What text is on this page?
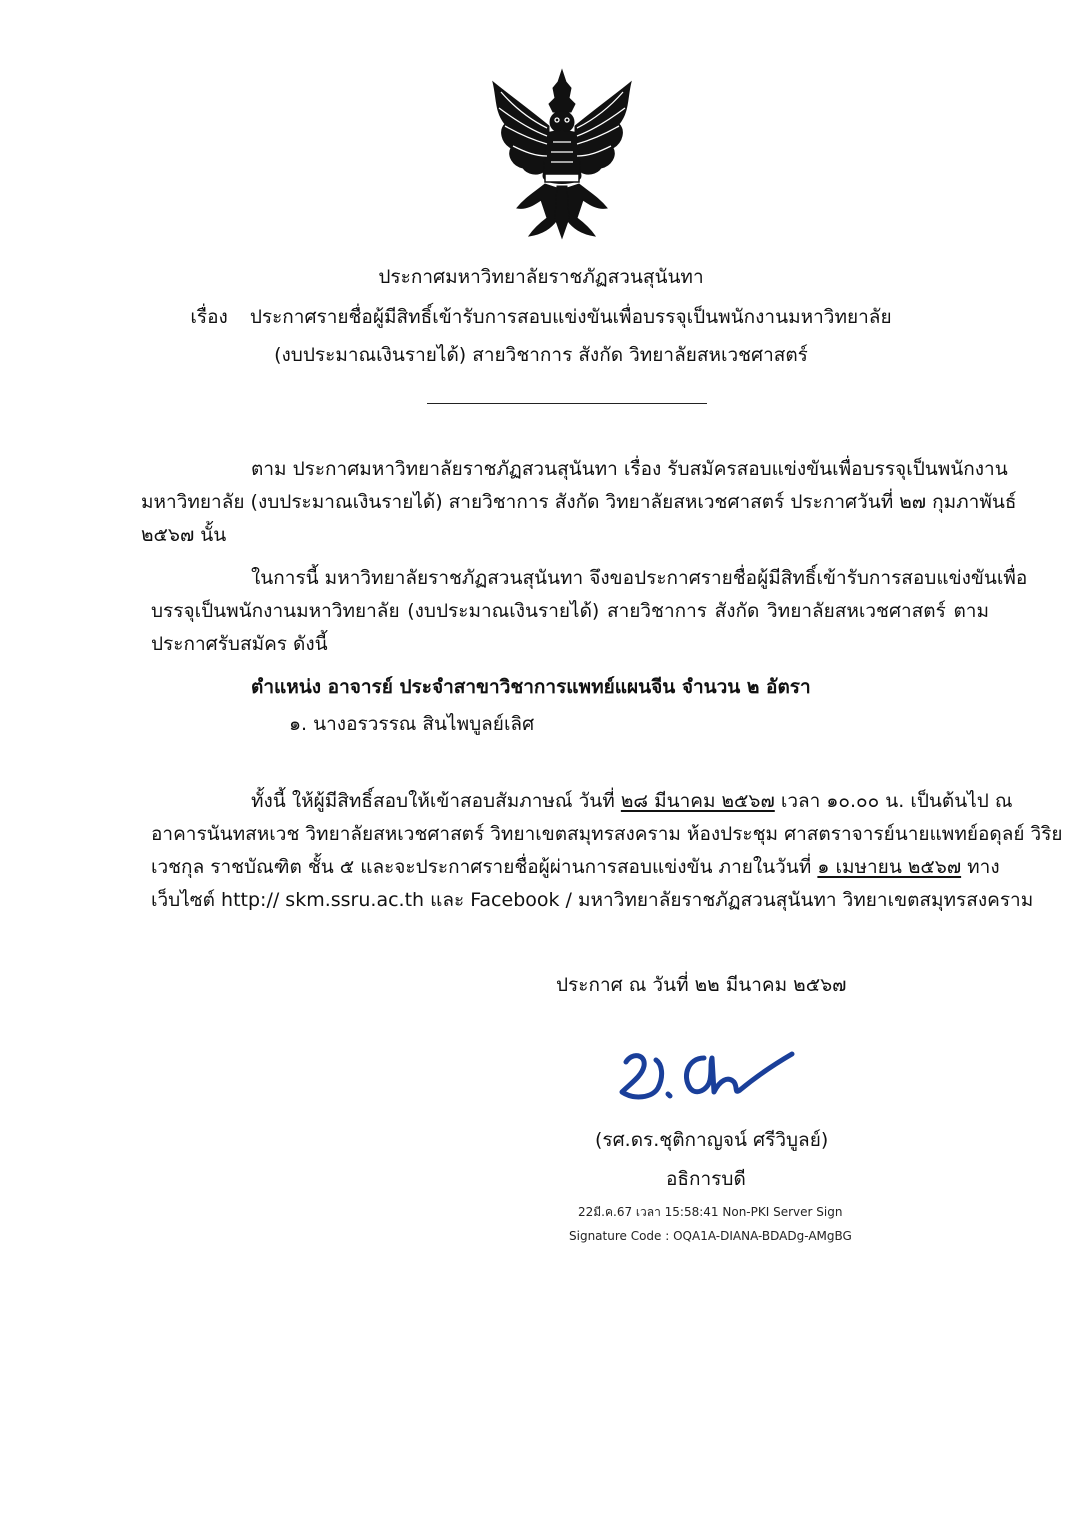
ประกาศมหาวิทยาลัยราชภัฏสวนสุนันทา
เรื่อง ประกาศรายชื่อผู้มีสิทธิ์เข้ารับการสอบแข่งขันเพื่อบรรจุเป็นพนักงานมหาวิทยาลัย
(งบประมาณเงินรายได้) สายวิชาการ สังกัด วิทยาลัยสหเวชศาสตร์
ตาม ประกาศมหาวิทยาลัยราชภัฏสวนสุนันทา เรื่อง รับสมัครสอบแข่งขันเพื่อบรรจุเป็นพนักงาน
มหาวิทยาลัย (งบประมาณเงินรายได้) สายวิชาการ สังกัด วิทยาลัยสหเวชศาสตร์ ประกาศวันที่ ๒๗ กุมภาพันธ์
๒๕๖๗ นั้น
ในการนี้ มหาวิทยาลัยราชภัฏสวนสุนันทา จึงขอประกาศรายชื่อผู้มีสิทธิ์เข้ารับการสอบแข่งขันเพื่อ
บรรจุเป็นพนักงานมหาวิทยาลัย (งบประมาณเงินรายได้) สายวิชาการ สังกัด วิทยาลัยสหเวชศาสตร์ ตาม
ประกาศรับสมัคร ดังนี้
ตำแหน่ง อาจารย์ ประจำสาขาวิชาการแพทย์แผนจีน จำนวน ๒ อัตรา
๑. นางอรวรรณ สินไพบูลย์เลิศ
ทั้งนี้ ให้ผู้มีสิทธิ์สอบให้เข้าสอบสัมภาษณ์ วันที่ ๒๘ มีนาคม ๒๕๖๗ เวลา ๑๐.๐๐ น. เป็นต้นไป ณ
อาคารนันทสหเวช วิทยาลัยสหเวชศาสตร์ วิทยาเขตสมุทรสงคราม ห้องประชุม ศาสตราจารย์นายแพทย์อดุลย์ วิริย
เวชกุล ราชบัณฑิต ชั้น ๕ และจะประกาศรายชื่อผู้ผ่านการสอบแข่งขัน ภายในวันที่ ๑ เมษายน ๒๕๖๗ ทาง
เว็บไซต์ http:// skm.ssru.ac.th และ Facebook / มหาวิทยาลัยราชภัฏสวนสุนันทา วิทยาเขตสมุทรสงคราม
ประกาศ ณ วันที่ ๒๒ มีนาคม ๒๕๖๗
(รศ.ดร.ชุติกาญจน์ ศรีวิบูลย์)
อธิการบดี
22มี.ค.67 เวลา 15:58:41 Non-PKI Server Sign
Signature Code : OQA1A-DIANA-BDADg-AMgBG
